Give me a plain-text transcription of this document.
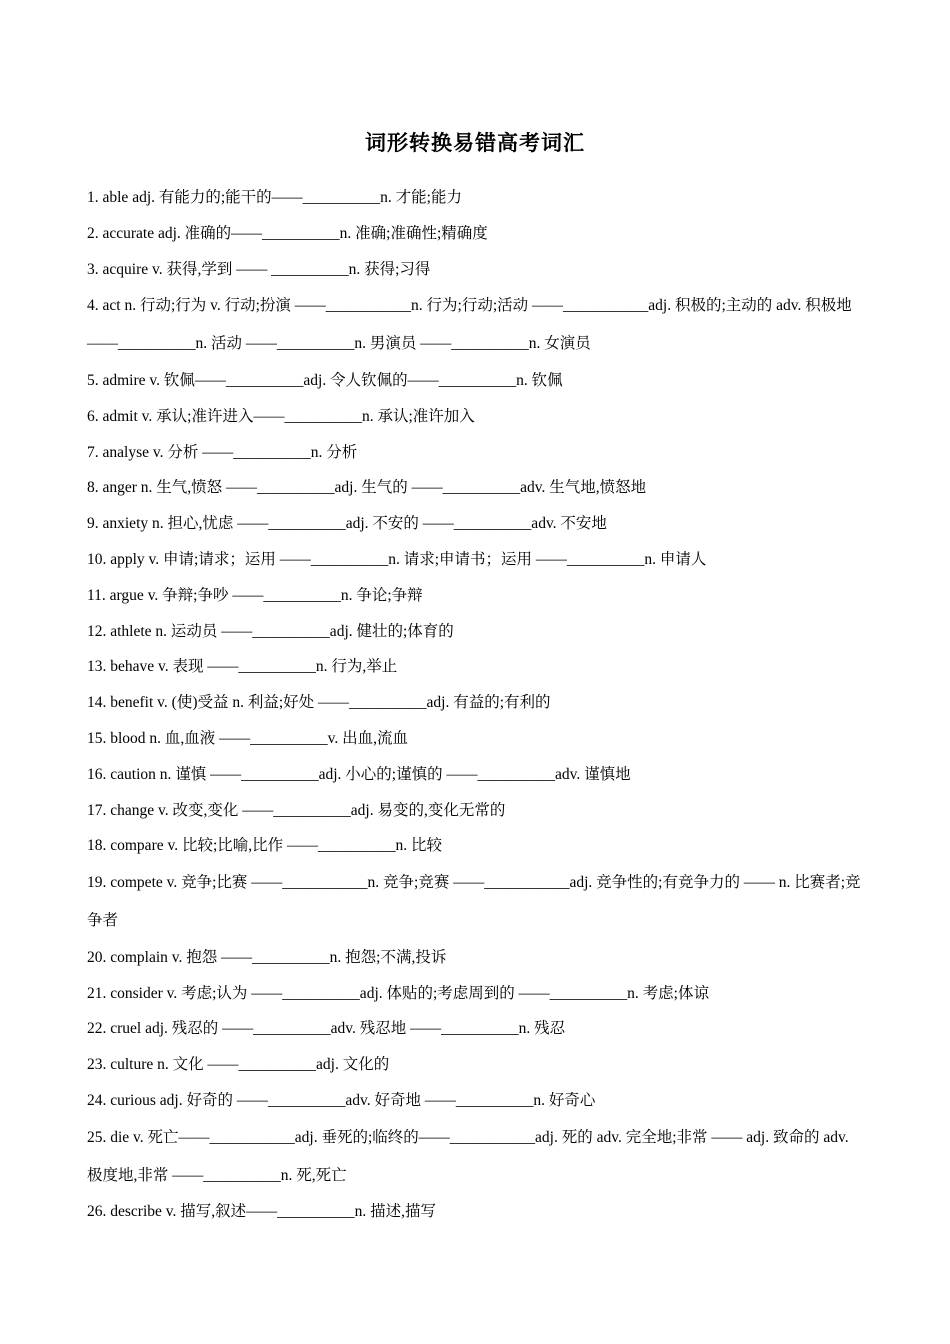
词形转换易错高考词汇
1. able adj. 有能力的;能干的——__________n. 才能;能力
2. accurate adj. 准确的——__________n. 准确;准确性;精确度
3. acquire v. 获得,学到 —— __________n. 获得;习得
4. act n. 行动;行为 v. 行动;扮演 ——___________n. 行为;行动;活动 ——___________adj. 积极的;主动的 adv. 积极地 ——__________n. 活动 ——__________n. 男演员 ——__________n. 女演员
5. admire v. 钦佩——__________adj. 令人钦佩的——__________n. 钦佩
6. admit v. 承认;准许进入——__________n. 承认;准许加入
7. analyse v. 分析 ——__________n. 分析
8. anger n. 生气,愤怒 ——__________adj. 生气的 ——__________adv. 生气地,愤怒地
9. anxiety n. 担心,忧虑 ——__________adj. 不安的 ——__________adv. 不安地
10. apply v. 申请;请求；运用 ——__________n. 请求;申请书；运用 ——__________n. 申请人
11. argue v. 争辩;争吵 ——__________n. 争论;争辩
12. athlete n. 运动员 ——__________adj. 健壮的;体育的
13. behave v. 表现 ——__________n. 行为,举止
14. benefit v. (使)受益 n. 利益;好处 ——__________adj. 有益的;有利的
15. blood n. 血,血液 ——__________v. 出血,流血
16. caution n. 谨慎 ——__________adj. 小心的;谨慎的 ——__________adv. 谨慎地
17. change v. 改变,变化 ——__________adj. 易变的,变化无常的
18. compare v. 比较;比喻,比作 ——__________n. 比较
19. compete v. 竞争;比赛 ——___________n. 竞争;竞赛 ——___________adj. 竞争性的;有竞争力的 —— n. 比赛者;竞争者
20. complain v. 抱怨 ——__________n. 抱怨;不满,投诉
21. consider v. 考虑;认为 ——__________adj. 体贴的;考虑周到的 ——__________n. 考虑;体谅
22. cruel adj. 残忍的 ——__________adv. 残忍地 ——__________n. 残忍
23. culture n. 文化 ——__________adj. 文化的
24. curious adj. 好奇的 ——__________adv. 好奇地 ——__________n. 好奇心
25. die v. 死亡——___________adj. 垂死的;临终的——___________adj. 死的 adv. 完全地;非常 —— adj. 致命的 adv. 极度地,非常 ——__________n. 死,死亡
26. describe v. 描写,叙述——__________n. 描述,描写
